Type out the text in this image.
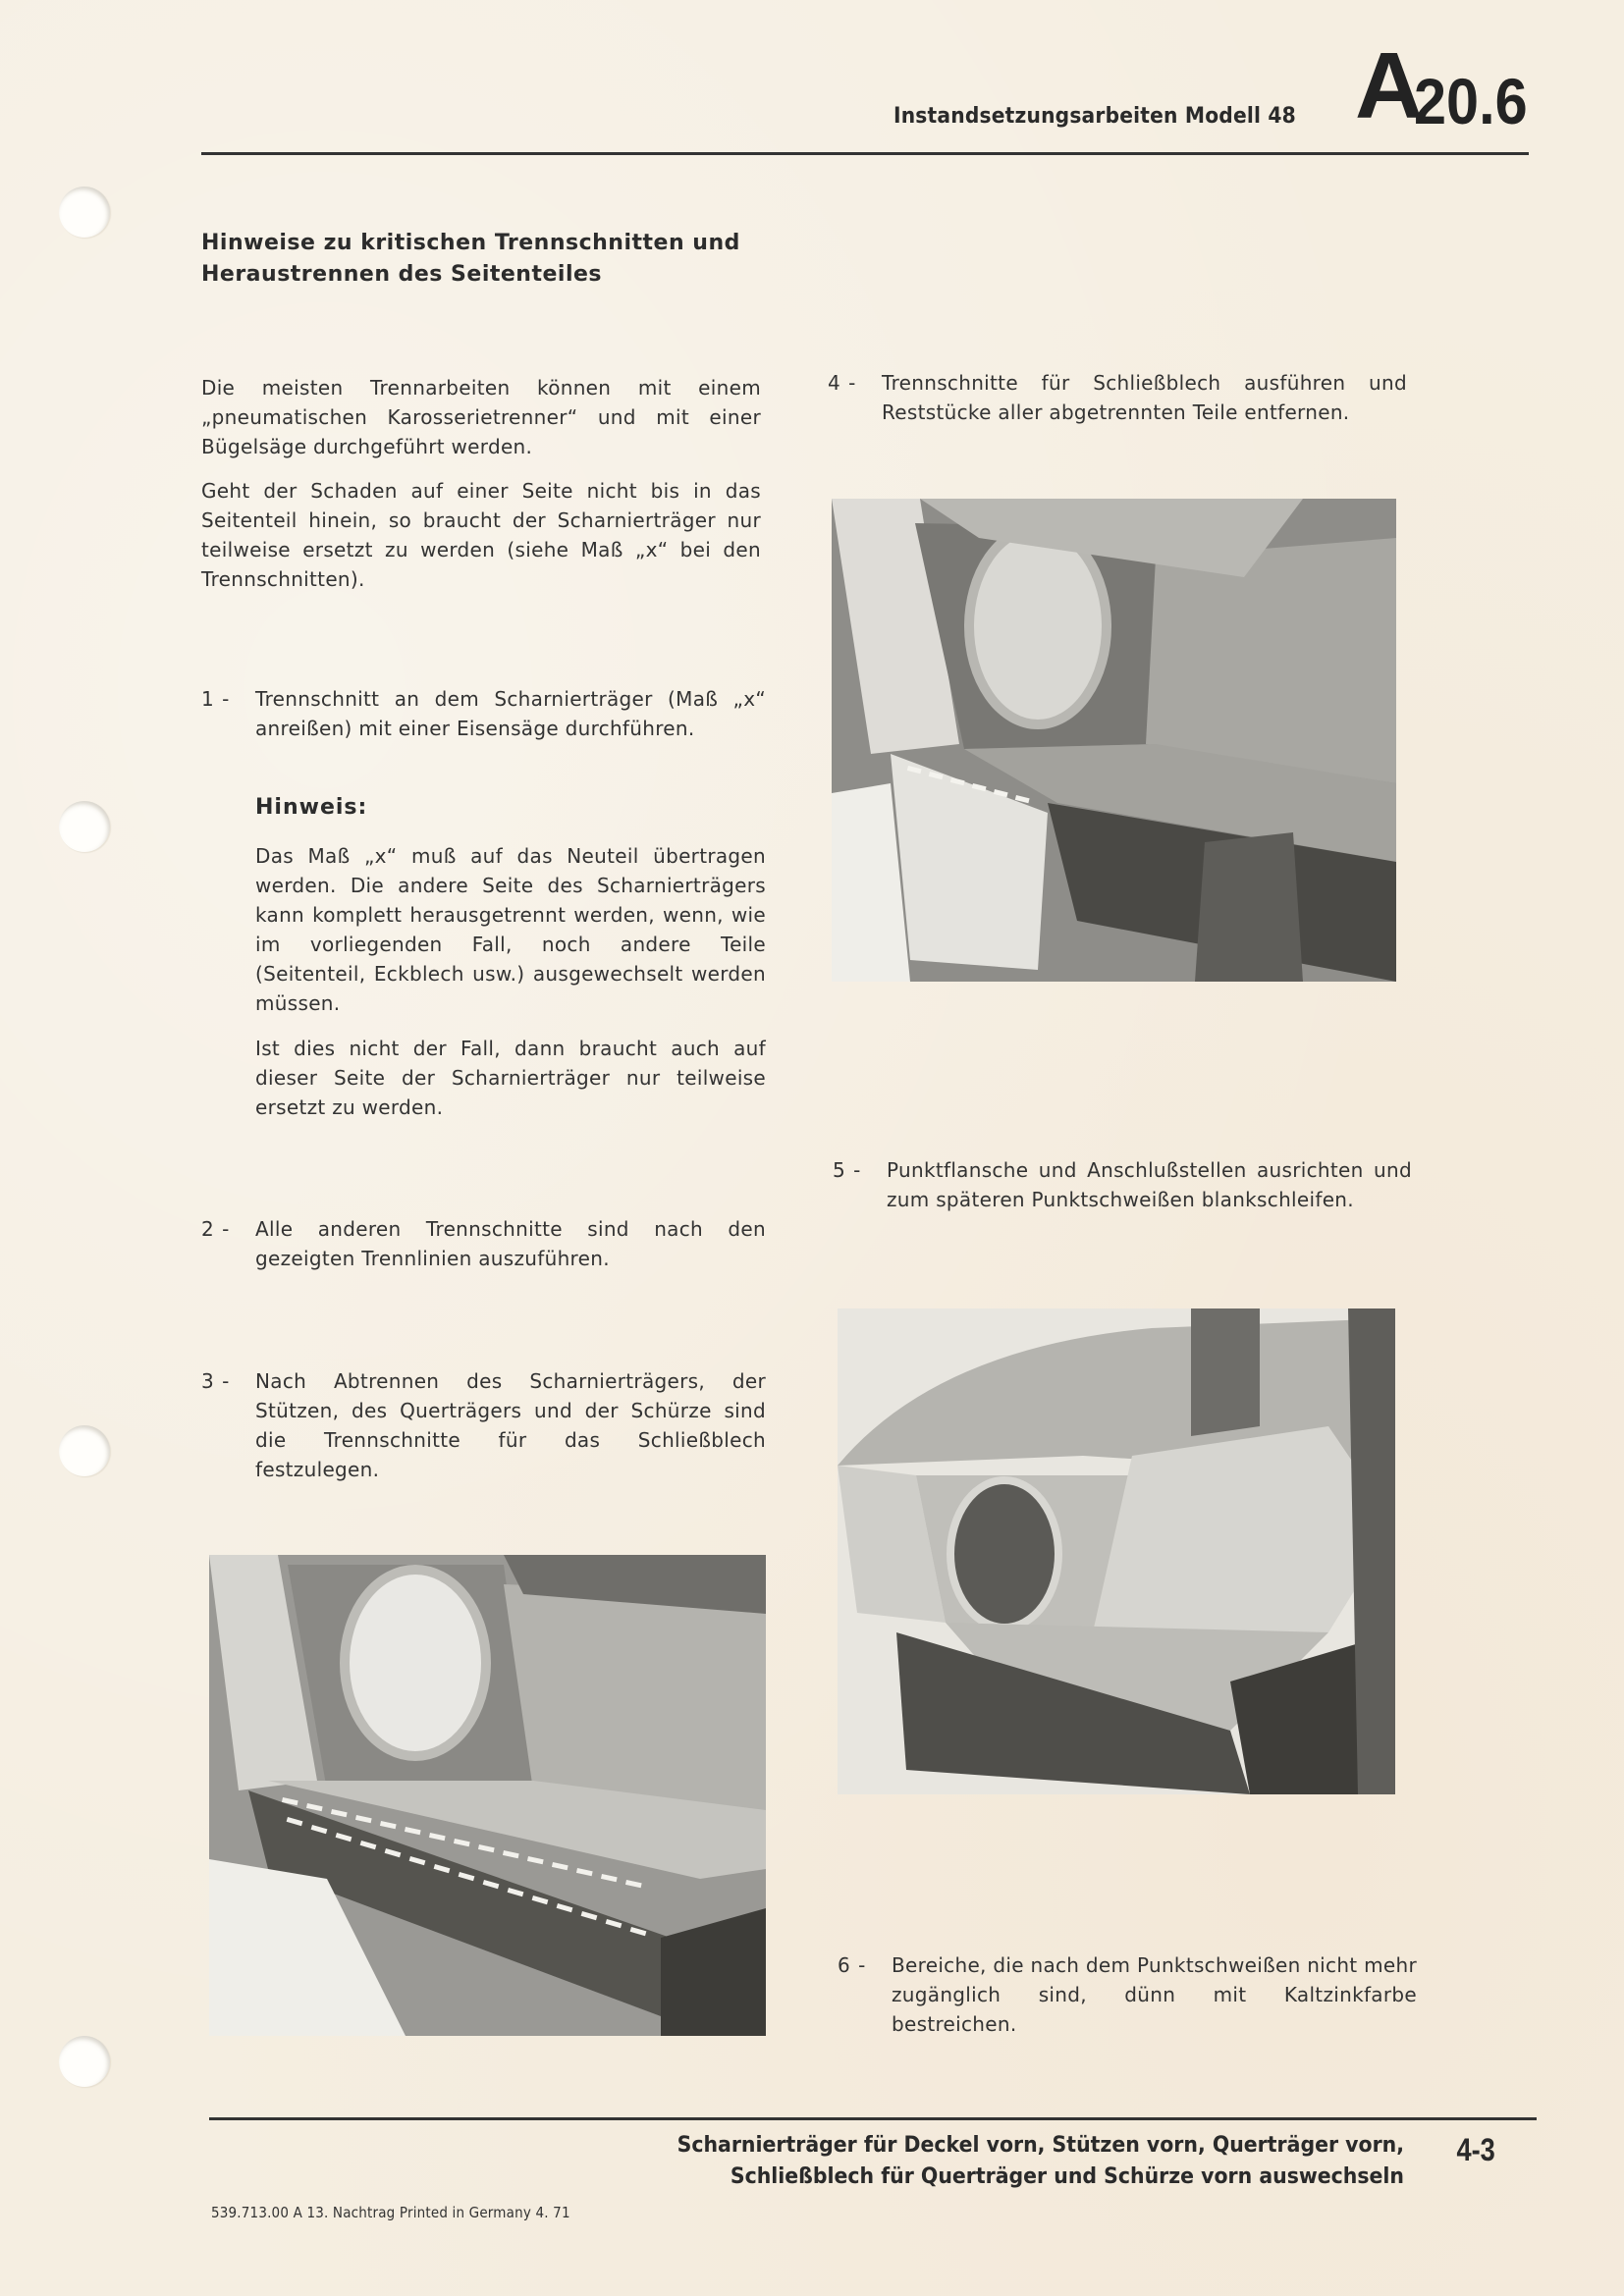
Instandsetzungsarbeiten Modell 48 A
20.6
Hinweise zu kritischen Trennschnitten und Heraustrennen des Seitenteiles
Die meisten Trennarbeiten können mit einem „pneumatischen Karosserietrenner“ und mit einer Bügelsäge durchgeführt werden.
Geht der Schaden auf einer Seite nicht bis in das Seitenteil hinein, so braucht der Scharnierträger nur teilweise ersetzt zu werden (siehe Maß „x“ bei den Trennschnitten).
1 -	Trennschnitt an dem Scharnierträger (Maß „x“ anreißen) mit einer Eisensäge durchführen.
Hinweis:
Das Maß „x“ muß auf das Neuteil übertragen werden. Die andere Seite des Scharnierträgers kann komplett herausgetrennt werden, wenn, wie im vorliegenden Fall, noch andere Teile (Seitenteil, Eckblech usw.) ausgewechselt werden müssen.
Ist dies nicht der Fall, dann braucht auch auf dieser Seite der Scharnierträger nur teilweise ersetzt zu werden.
2 -	Alle anderen Trennschnitte sind nach den gezeigten Trennlinien auszuführen.
3 -	Nach Abtrennen des Scharnierträgers, der Stützen, des Querträgers und der Schürze sind die Trennschnitte für das Schließblech festzulegen.
4 -	Trennschnitte für Schließblech ausführen und Reststücke aller abgetrennten Teile entfernen.
5 -	Punktflansche und Anschlußstellen ausrichten und zum späteren Punktschweißen blankschleifen.
6 -	Bereiche, die nach dem Punktschweißen nicht mehr zugänglich sind, dünn mit Kaltzinkfarbe bestreichen.
Scharnierträger für Deckel vorn, Stützen vorn, Querträger vorn,
Schließblech für Querträger und Schürze vorn auswechseln
4-3
539.713.00 A 13. Nachtrag Printed in Germany 4. 71
